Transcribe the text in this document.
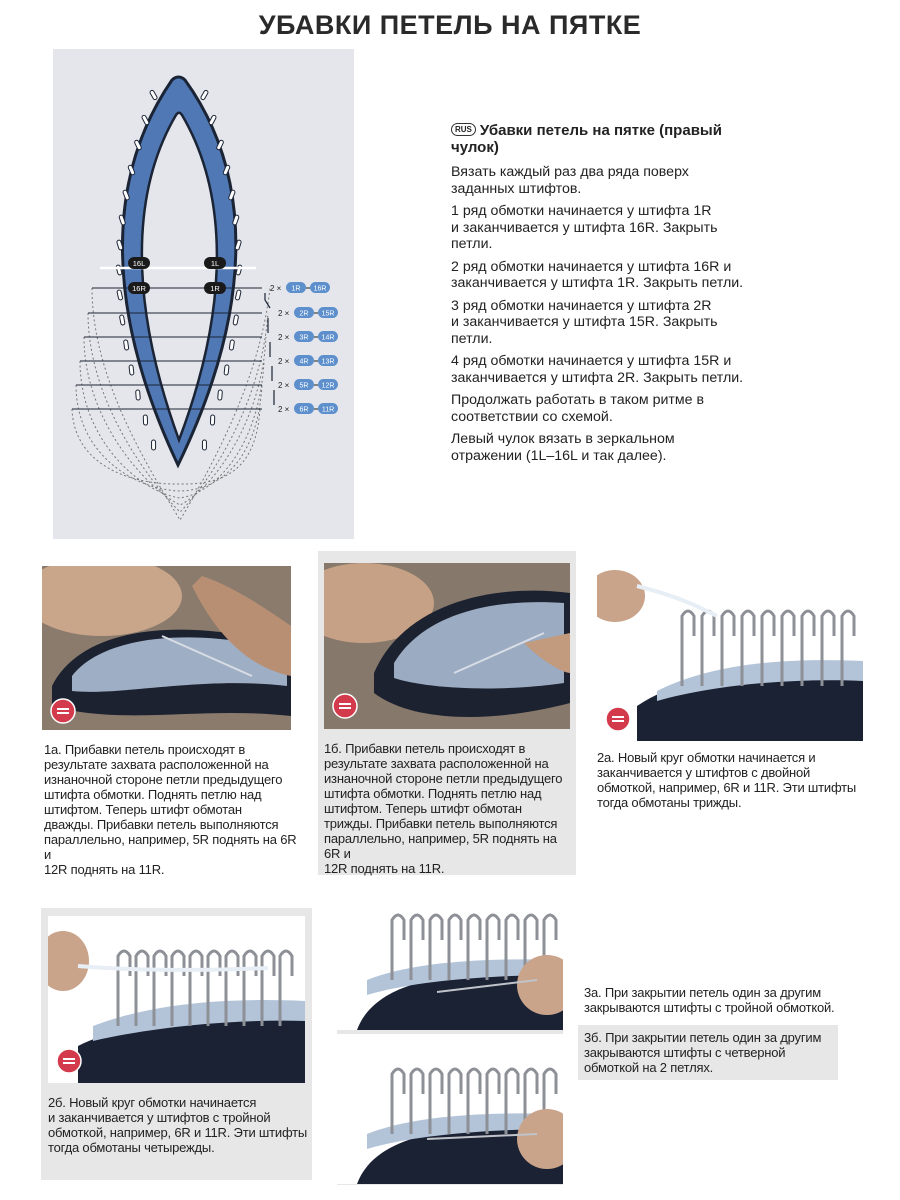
УБАВКИ ПЕТЕЛЬ НА ПЯТКЕ
16L	1L
16R	1R	2 × 1R 16R
2 × 2R 15R
2 × 3R 14R
2 × 4R 13R
2 × 5R 12R
2 × 6R 11R
RUS Убавки петель на пятке (правый
чулок)

Вязать каждый раз два ряда поверх
заданных штифтов.

1 ряд обмотки начинается у штифта 1R
и заканчивается у штифта 16R. Закрыть
петли.

2 ряд обмотки начинается у штифта 16R и
заканчивается у штифта 1R. Закрыть петли.

3 ряд обмотки начинается у штифта 2R
и заканчивается у штифта 15R. Закрыть
петли.

4 ряд обмотки начинается у штифта 15R и
заканчивается у штифта 2R. Закрыть петли.

Продолжать работать в таком ритме в
соответствии со схемой.

Левый чулок вязать в зеркальном
отражении (1L–16L и так далее).

1а. Прибавки петель происходят в
результате захвата расположенной на
изнаночной стороне петли предыдущего
штифта обмотки. Поднять петлю над
штифтом. Теперь штифт обмотан
дважды. Прибавки петель выполняются
параллельно, например, 5R поднять на 6R и
12R поднять на 11R.
1б. Прибавки петель происходят в
результате захвата расположенной на
изнаночной стороне петли предыдущего
штифта обмотки. Поднять петлю над
штифтом. Теперь штифт обмотан
трижды. Прибавки петель выполняются
параллельно, например, 5R поднять на 6R и
12R поднять на 11R.
2а. Новый круг обмотки начинается и
заканчивается у штифтов с двойной
обмоткой, например, 6R и 11R. Эти штифты
тогда обмотаны трижды.
2б. Новый круг обмотки начинается
и заканчивается у штифтов с тройной
обмоткой, например, 6R и 11R. Эти штифты
тогда обмотаны четырежды.
3а. При закрытии петель один за другим
закрываются штифты с тройной обмоткой.
3б. При закрытии петель один за другим
закрываются штифты с четверной
обмоткой на 2 петлях.
